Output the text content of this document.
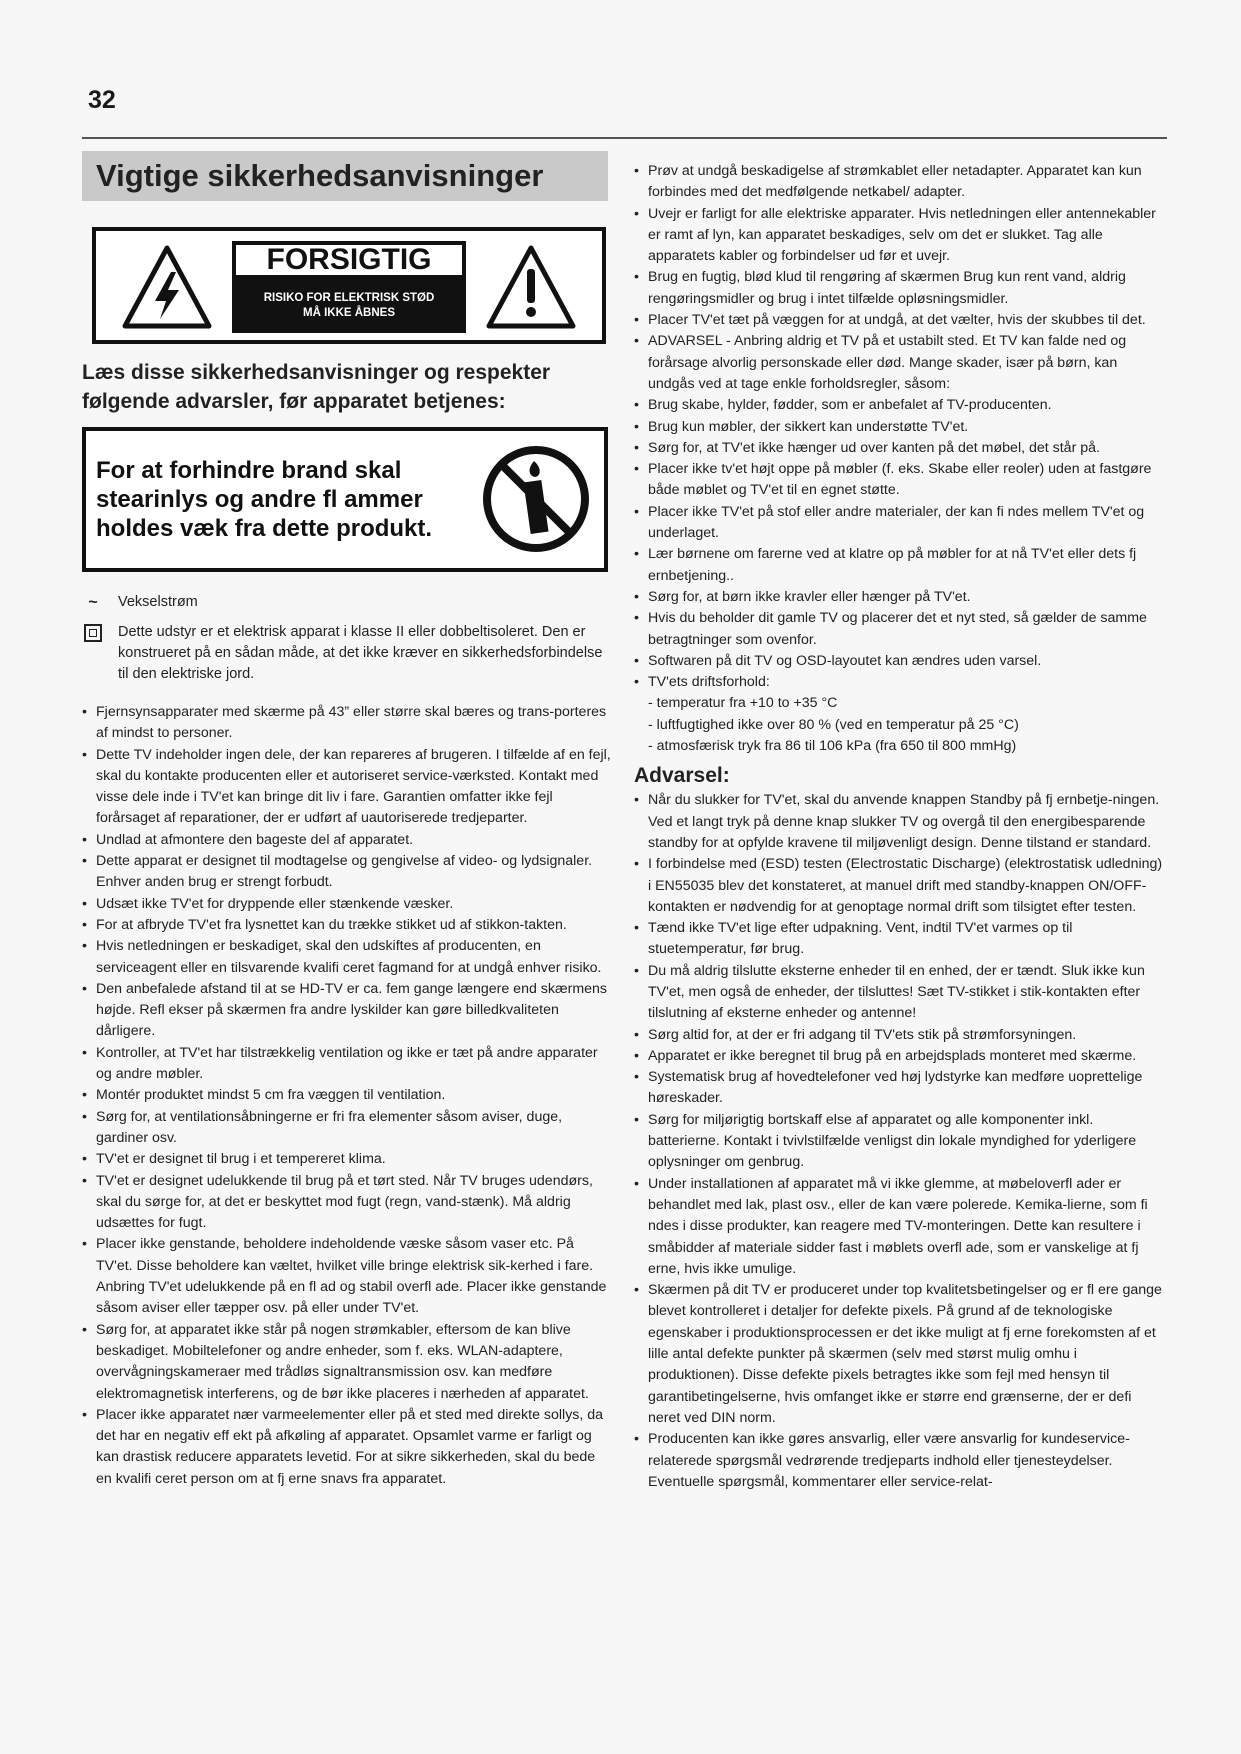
32
Vigtige sikkerhedsanvisninger
FORSIGTIG
RISIKO FOR ELEKTRISK STØD
MÅ IKKE ÅBNES
Læs disse sikkerhedsanvisninger og respekter følgende advarsler, før apparatet betjenes:
For at forhindre brand skal stearinlys og andre fl ammer holdes væk fra dette produkt.
~	Vekselstrøm
Dette udstyr er et elektrisk apparat i klasse II eller dobbeltisoleret. Den er konstrueret på en sådan måde, at det ikke kræver en sikkerhedsforbindelse til den elektriske jord.
• Fjernsynsapparater med skærme på 43” eller større skal bæres og trans-porteres af mindst to personer.
• Dette TV indeholder ingen dele, der kan repareres af brugeren. I tilfælde af en fejl, skal du kontakte producenten eller et autoriseret service-værksted. Kontakt med visse dele inde i TV'et kan bringe dit liv i fare. Garantien omfatter ikke fejl forårsaget af reparationer, der er udført af uautoriserede tredjeparter.
• Undlad at afmontere den bageste del af apparatet.
• Dette apparat er designet til modtagelse og gengivelse af video- og lydsignaler. Enhver anden brug er strengt forbudt.
• Udsæt ikke TV'et for dryppende eller stænkende væsker.
• For at afbryde TV'et fra lysnettet kan du trække stikket ud af stikkon-takten.
• Hvis netledningen er beskadiget, skal den udskiftes af producenten, en serviceagent eller en tilsvarende kvalifi ceret fagmand for at undgå enhver risiko.
• Den anbefalede afstand til at se HD-TV er ca. fem gange længere end skærmens højde. Refl ekser på skærmen fra andre lyskilder kan gøre billedkvaliteten dårligere.
• Kontroller, at TV'et har tilstrækkelig ventilation og ikke er tæt på andre apparater og andre møbler.
• Montér produktet mindst 5 cm fra væggen til ventilation.
• Sørg for, at ventilationsåbningerne er fri fra elementer såsom aviser, duge, gardiner osv.
• TV'et er designet til brug i et tempereret klima.
• TV'et er designet udelukkende til brug på et tørt sted. Når TV bruges udendørs, skal du sørge for, at det er beskyttet mod fugt (regn, vand-stænk). Må aldrig udsættes for fugt.
• Placer ikke genstande, beholdere indeholdende væske såsom vaser etc. På TV'et. Disse beholdere kan væltet, hvilket ville bringe elektrisk sik-kerhed i fare. Anbring TV'et udelukkende på en fl ad og stabil overfl ade. Placer ikke genstande såsom aviser eller tæpper osv. på eller under TV'et.
• Sørg for, at apparatet ikke står på nogen strømkabler, eftersom de kan blive beskadiget. Mobiltelefoner og andre enheder, som f. eks. WLAN-adaptere, overvågningskameraer med trådløs signaltransmission osv. kan medføre elektromagnetisk interferens, og de bør ikke placeres i nærheden af apparatet.
• Placer ikke apparatet nær varmeelementer eller på et sted med direkte sollys, da det har en negativ eff ekt på afkøling af apparatet. Opsamlet varme er farligt og kan drastisk reducere apparatets levetid. For at sikre sikkerheden, skal du bede en kvalifi ceret person om at fj erne snavs fra apparatet.
• Prøv at undgå beskadigelse af strømkablet eller netadapter. Apparatet kan kun forbindes med det medfølgende netkabel/ adapter.
• Uvejr er farligt for alle elektriske apparater. Hvis netledningen eller antennekabler er ramt af lyn, kan apparatet beskadiges, selv om det er slukket. Tag alle apparatets kabler og forbindelser ud før et uvejr.
• Brug en fugtig, blød klud til rengøring af skærmen Brug kun rent vand, aldrig rengøringsmidler og brug i intet tilfælde opløsningsmidler.
• Placer TV'et tæt på væggen for at undgå, at det vælter, hvis der skubbes til det.
• ADVARSEL - Anbring aldrig et TV på et ustabilt sted. Et TV kan falde ned og forårsage alvorlig personskade eller død. Mange skader, især på børn, kan undgås ved at tage enkle forholdsregler, såsom:
• Brug skabe, hylder, fødder, som er anbefalet af TV-producenten.
• Brug kun møbler, der sikkert kan understøtte TV'et.
• Sørg for, at TV'et ikke hænger ud over kanten på det møbel, det står på.
• Placer ikke tv'et højt oppe på møbler (f. eks. Skabe eller reoler) uden at fastgøre både møblet og TV'et til en egnet støtte.
• Placer ikke TV'et på stof eller andre materialer, der kan fi ndes mellem TV'et og underlaget.
• Lær børnene om farerne ved at klatre op på møbler for at nå TV'et eller dets fj ernbetjening..
• Sørg for, at børn ikke kravler eller hænger på TV'et.
• Hvis du beholder dit gamle TV og placerer det et nyt sted, så gælder de samme betragtninger som ovenfor.
• Softwaren på dit TV og OSD-layoutet kan ændres uden varsel.
• TV'ets driftsforhold:
- temperatur fra +10 to +35 °C
- luftfugtighed ikke over 80 % (ved en temperatur på 25 °C)
- atmosfærisk tryk fra 86 til 106 kPa (fra 650 til 800 mmHg)
Advarsel:
• Når du slukker for TV'et, skal du anvende knappen Standby på fj ernbetje-ningen. Ved et langt tryk på denne knap slukker TV og overgå til den energibesparende standby for at opfylde kravene til miljøvenligt design. Denne tilstand er standard.
• I forbindelse med (ESD) testen (Electrostatic Discharge) (elektrostatisk udledning) i EN55035 blev det konstateret, at manuel drift med standby-knappen ON/OFF-kontakten er nødvendig for at genoptage normal drift som tilsigtet efter testen.
• Tænd ikke TV'et lige efter udpakning. Vent, indtil TV'et varmes op til stuetemperatur, før brug.
• Du må aldrig tilslutte eksterne enheder til en enhed, der er tændt. Sluk ikke kun TV'et, men også de enheder, der tilsluttes! Sæt TV-stikket i stik-kontakten efter tilslutning af eksterne enheder og antenne!
• Sørg altid for, at der er fri adgang til TV'ets stik på strømforsyningen.
• Apparatet er ikke beregnet til brug på en arbejdsplads monteret med skærme.
• Systematisk brug af hovedtelefoner ved høj lydstyrke kan medføre uoprettelige høreskader.
• Sørg for miljørigtig bortskaff else af apparatet og alle komponenter inkl. batterierne. Kontakt i tvivlstilfælde venligst din lokale myndighed for yderligere oplysninger om genbrug.
• Under installationen af apparatet må vi ikke glemme, at møbeloverfl ader er behandlet med lak, plast osv., eller de kan være polerede. Kemika-lierne, som fi ndes i disse produkter, kan reagere med TV-monteringen. Dette kan resultere i småbidder af materiale sidder fast i møblets overfl ade, som er vanskelige at fj erne, hvis ikke umulige.
• Skærmen på dit TV er produceret under top kvalitetsbetingelser og er fl ere gange blevet kontrolleret i detaljer for defekte pixels. På grund af de teknologiske egenskaber i produktionsprocessen er det ikke muligt at fj erne forekomsten af et lille antal defekte punkter på skærmen (selv med størst mulig omhu i produktionen). Disse defekte pixels betragtes ikke som fejl med hensyn til garantibetingelserne, hvis omfanget ikke er større end grænserne, der er defi neret ved DIN norm.
• Producenten kan ikke gøres ansvarlig, eller være ansvarlig for kundeservice-relaterede spørgsmål vedrørende tredjeparts indhold eller tjenesteydelser. Eventuelle spørgsmål, kommentarer eller service-relat-
